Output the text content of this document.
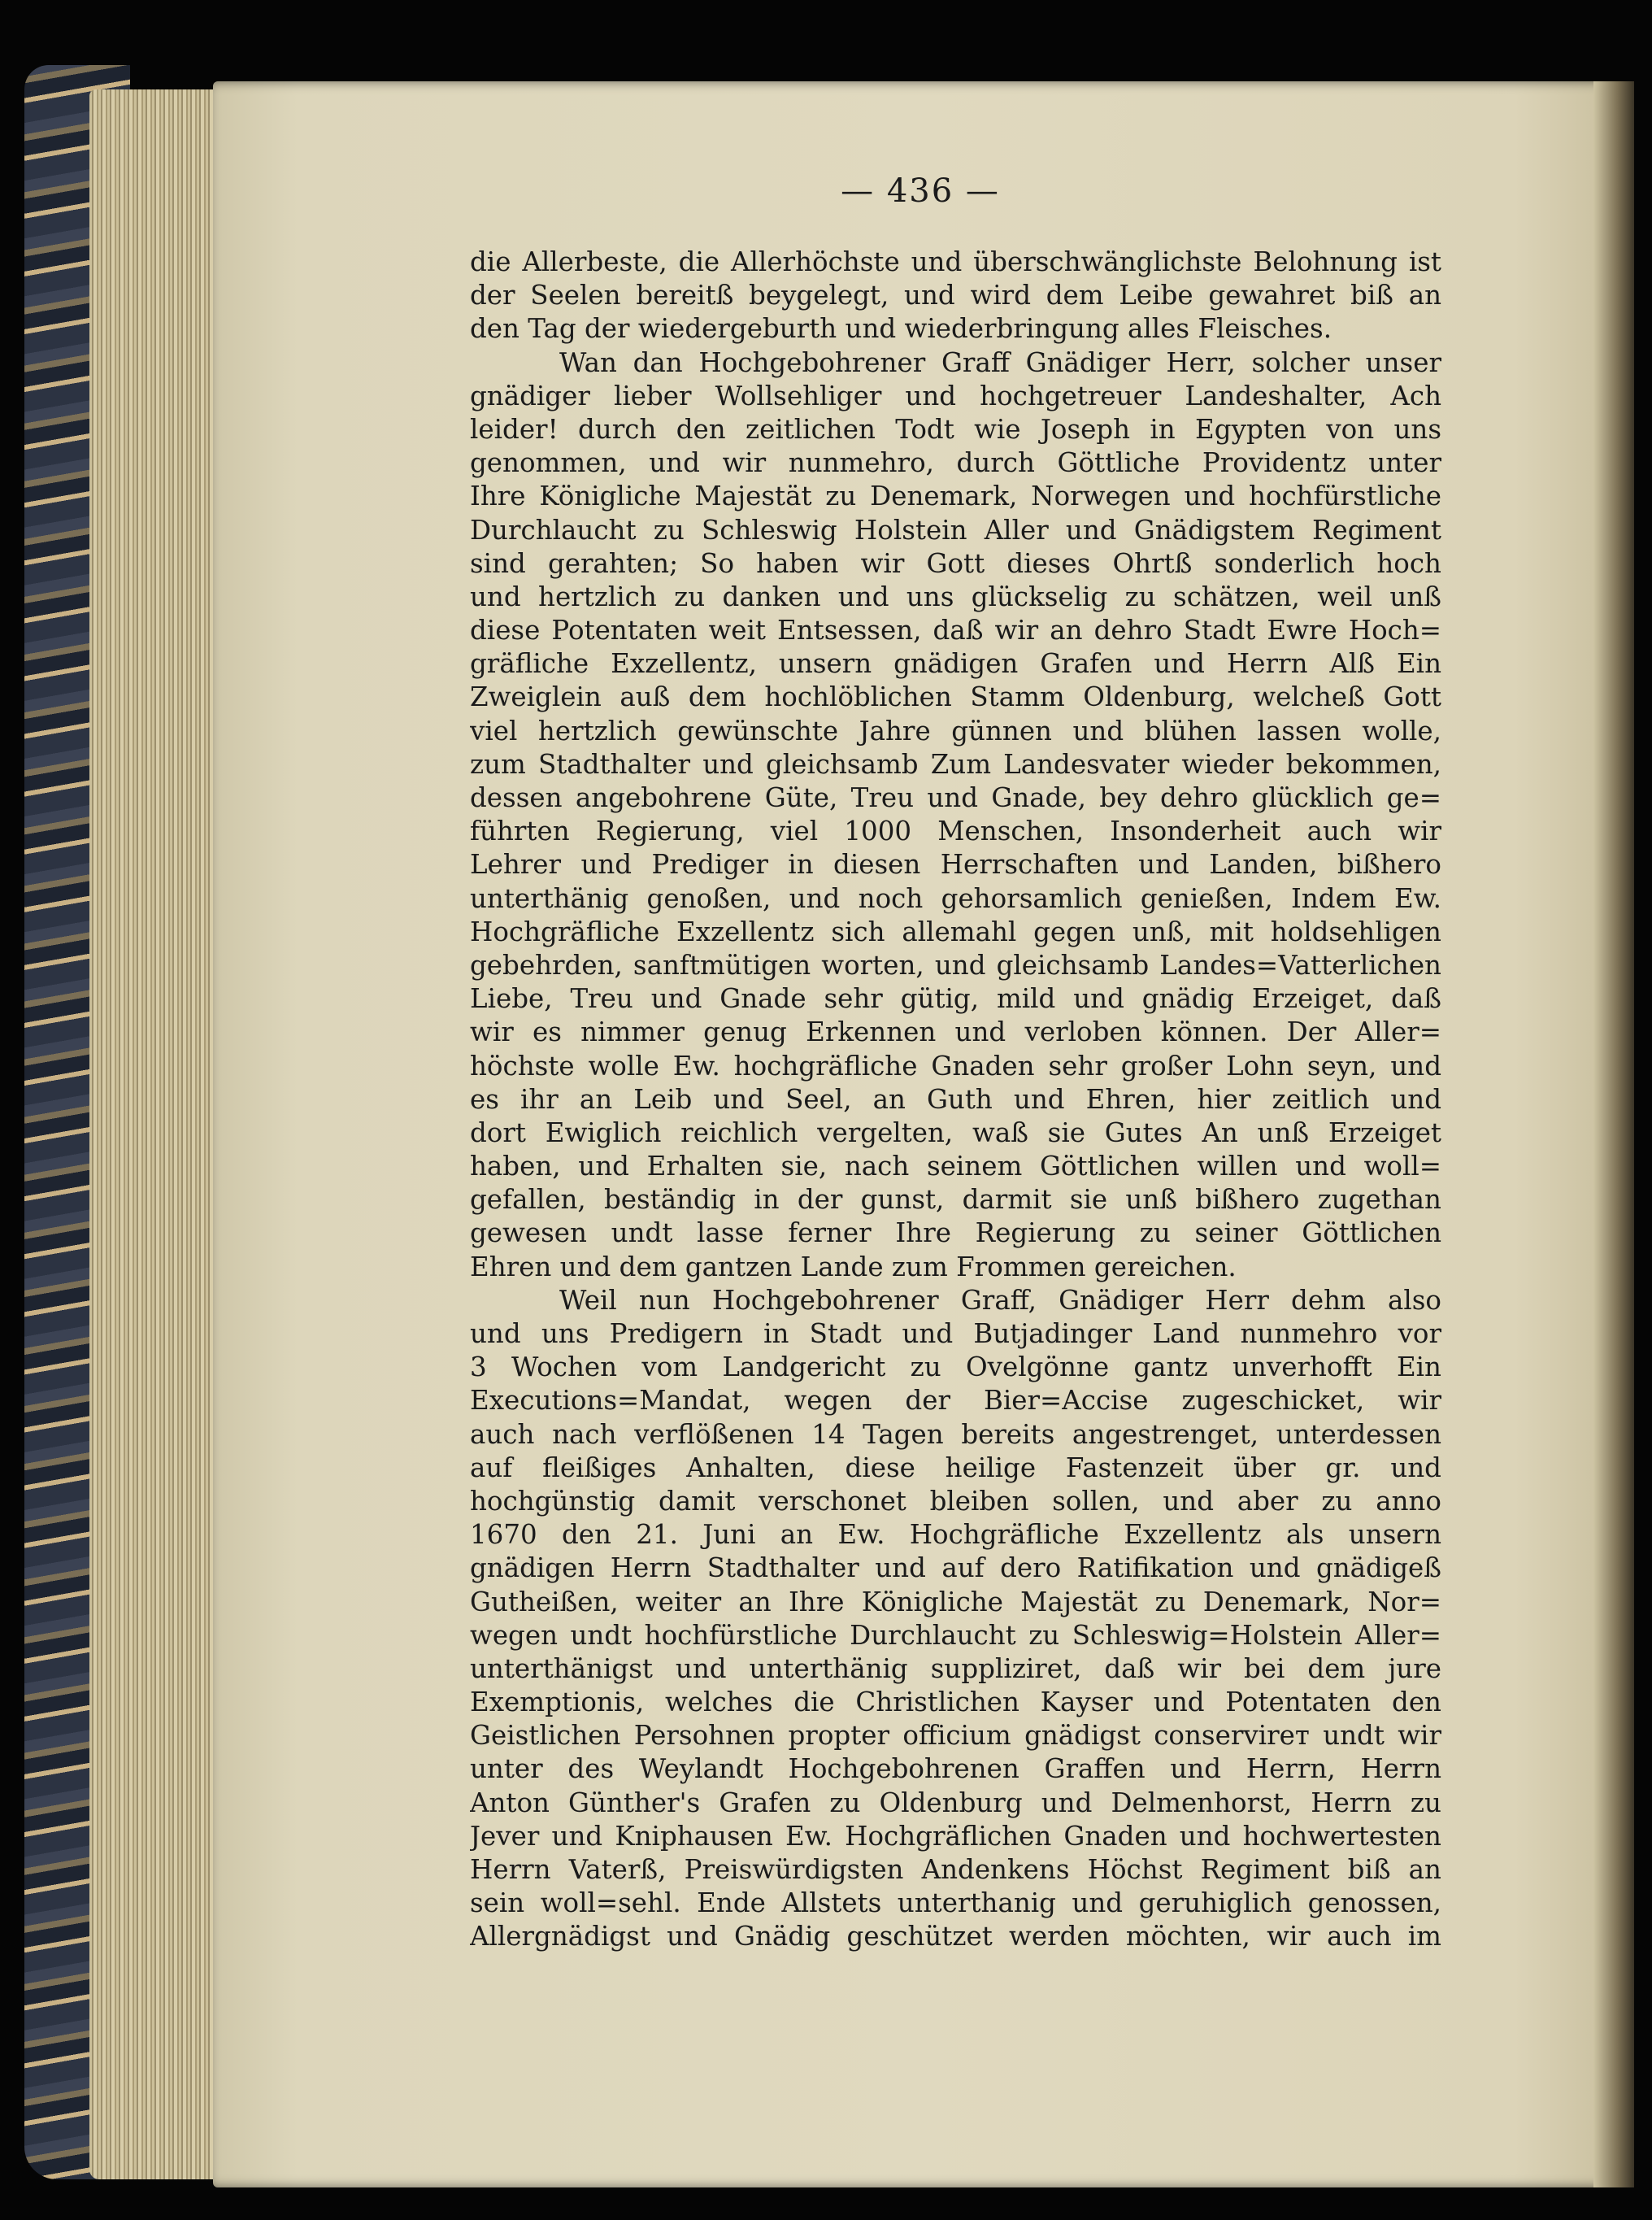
— 436 —
die Allerbeste, die Allerhöchste und überschwänglichste Belohnung ist
der Seelen bereitß beygelegt, und wird dem Leibe gewahret biß an
den Tag der wiedergeburth und wiederbringung alles Fleisches.
Wan dan Hochgebohrener Graff Gnädiger Herr, solcher unser
gnädiger lieber Wollsehliger und hochgetreuer Landeshalter, Ach
leider! durch den zeitlichen Todt wie Joseph in Egypten von uns
genommen, und wir nunmehro, durch Göttliche Providentz unter
Ihre Königliche Majestät zu Denemark, Norwegen und hochfürstliche
Durchlaucht zu Schleswig Holstein Aller und Gnädigstem Regiment
sind gerahten; So haben wir Gott dieses Ohrtß sonderlich hoch
und hertzlich zu danken und uns glückselig zu schätzen, weil unß
diese Potentaten weit Entsessen, daß wir an dehro Stadt Ewre Hoch=
gräfliche Exzellentz, unsern gnädigen Grafen und Herrn Alß Ein
Zweiglein auß dem hochlöblichen Stamm Oldenburg, welcheß Gott
viel hertzlich gewünschte Jahre günnen und blühen lassen wolle,
zum Stadthalter und gleichsamb Zum Landesvater wieder bekommen,
dessen angebohrene Güte, Treu und Gnade, bey dehro glücklich ge=
führten Regierung, viel 1000 Menschen, Insonderheit auch wir
Lehrer und Prediger in diesen Herrschaften und Landen, bißhero
unterthänig genoßen, und noch gehorsamlich genießen, Indem Ew.
Hochgräfliche Exzellentz sich allemahl gegen unß, mit holdsehligen
gebehrden, sanftmütigen worten, und gleichsamb Landes=Vatterlichen
Liebe, Treu und Gnade sehr gütig, mild und gnädig Erzeiget, daß
wir es nimmer genug Erkennen und verloben können. Der Aller=
höchste wolle Ew. hochgräfliche Gnaden sehr großer Lohn seyn, und
es ihr an Leib und Seel, an Guth und Ehren, hier zeitlich und
dort Ewiglich reichlich vergelten, waß sie Gutes An unß Erzeiget
haben, und Erhalten sie, nach seinem Göttlichen willen und woll=
gefallen, beständig in der gunst, darmit sie unß bißhero zugethan
gewesen undt lasse ferner Ihre Regierung zu seiner Göttlichen
Ehren und dem gantzen Lande zum Frommen gereichen.
Weil nun Hochgebohrener Graff, Gnädiger Herr dehm also
und uns Predigern in Stadt und Butjadinger Land nunmehro vor
3 Wochen vom Landgericht zu Ovelgönne gantz unverhofft Ein
Executions=Mandat, wegen der Bier=Accise zugeschicket, wir
auch nach verflößenen 14 Tagen bereits angestrenget, unterdessen
auf fleißiges Anhalten, diese heilige Fastenzeit über gr. und
hochgünstig damit verschonet bleiben sollen, und aber zu anno
1670 den 21. Juni an Ew. Hochgräfliche Exzellentz als unsern
gnädigen Herrn Stadthalter und auf dero Ratifikation und gnädigeß
Gutheißen, weiter an Ihre Königliche Majestät zu Denemark, Nor=
wegen undt hochfürstliche Durchlaucht zu Schleswig=Holstein Aller=
unterthänigst und unterthänig suppliziret, daß wir bei dem jure
Exemptionis, welches die Christlichen Kayser und Potentaten den
Geistlichen Persohnen propter officium gnädigst conservirет undt wir
unter des Weylandt Hochgebohrenen Graffen und Herrn, Herrn
Anton Günther's Grafen zu Oldenburg und Delmenhorst, Herrn zu
Jever und Kniphausen Ew. Hochgräflichen Gnaden und hochwertesten
Herrn Vaterß, Preiswürdigsten Andenkens Höchst Regiment biß an
sein woll=sehl. Ende Allstets unterthanig und geruhiglich genossen,
Allergnädigst und Gnädig geschützet werden möchten, wir auch im
